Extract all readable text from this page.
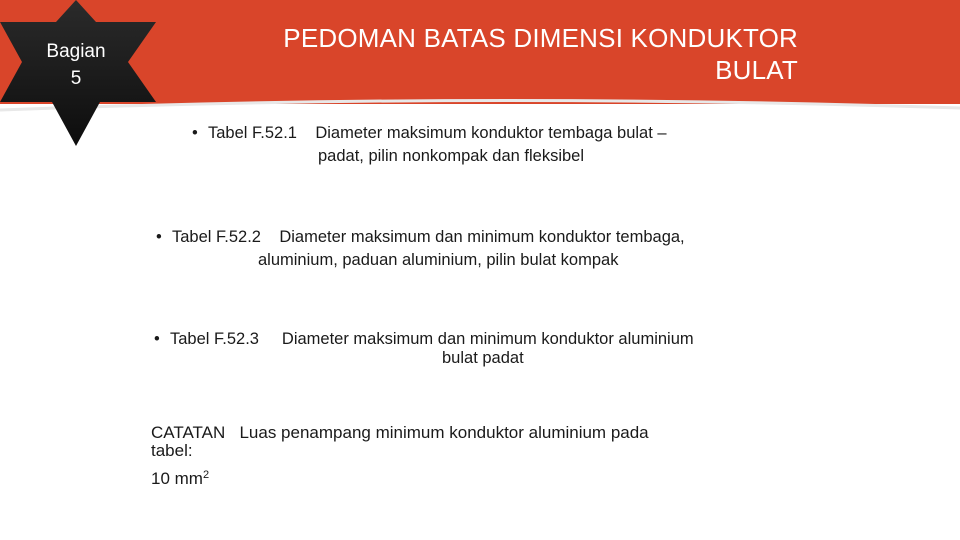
Bagian
5
PEDOMAN BATAS DIMENSI KONDUKTOR
BULAT
• Tabel F.52.1 Diameter maksimum konduktor tembaga bulat –
padat, pilin nonkompak dan fleksibel
• Tabel F.52.2 Diameter maksimum dan minimum konduktor tembaga,
aluminium, paduan aluminium, pilin bulat kompak
• Tabel F.52.3 Diameter maksimum dan minimum konduktor aluminium
bulat padat
CATATAN Luas penampang minimum konduktor aluminium pada
tabel:
10 $mm^2$
